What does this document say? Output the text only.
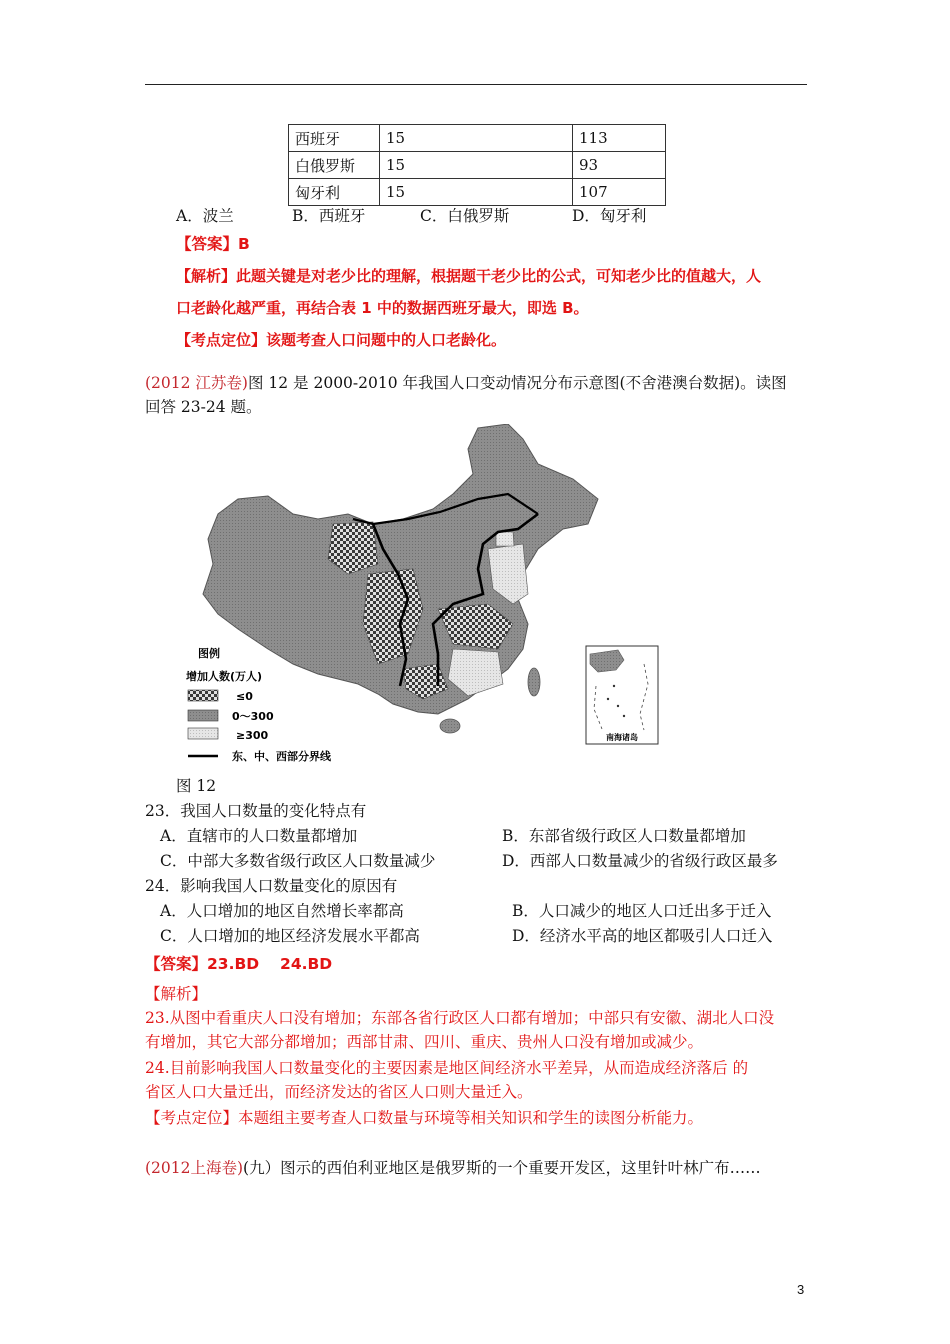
西班牙	15	113
白俄罗斯	15	93
匈牙利	15	107
A．波兰	B．西班牙	C．白俄罗斯	D．匈牙利
【答案】B
【解析】此题关键是对老少比的理解，根据题干老少比的公式，可知老少比的值越大，人
口老龄化越严重，再结合表 1 中的数据西班牙最大，即选 B。
【考点定位】该题考查人口问题中的人口老龄化。
(2012 江苏卷)图 12 是 2000-2010 年我国人口变动情况分布示意图(不舍港澳台数据)。读图
回答 23-24 题。
图例
增加人数(万人)
≤0
0～300
≥300
东、中、西部分界线
南海诸岛
图 12
23．我国人口数量的变化特点有
A．直辖市的人口数量都增加	B．东部省级行政区人口数量都增加
C．中部大多数省级行政区人口数量减少	D．西部人口数量减少的省级行政区最多
24．影响我国人口数量变化的原因有
A．人口增加的地区自然增长率都高	B．人口减少的地区人口迁出多于迁入
C．人口增加的地区经济发展水平都高	D．经济水平高的地区都吸引人口迁入
【答案】23.BD　 24.BD
【解析】
23.从图中看重庆人口没有增加；东部各省行政区人口都有增加；中部只有安徽、湖北人口没
有增加，其它大部分都增加；西部甘肃、四川、重庆、贵州人口没有增加或减少。
24.目前影响我国人口数量变化的主要因素是地区间经济水平差异，从而造成经济落后 的
省区人口大量迁出，而经济发达的省区人口则大量迁入。
【考点定位】本题组主要考查人口数量与环境等相关知识和学生的读图分析能力。
(2012上海卷)(九）图示的西伯利亚地区是俄罗斯的一个重要开发区，这里针叶林广布……
3
